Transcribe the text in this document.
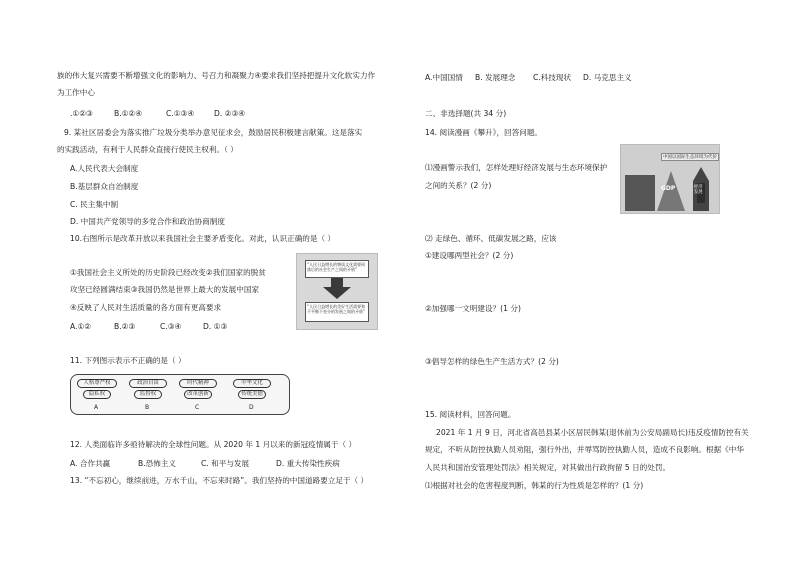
族的伟大复兴需要不断增强文化的影响力、号召力和凝聚力④要求我们坚持把提升文化软实力作
为工作中心
.①②③	B.①②④	C.①③④	D. ②③④
9. 某社区居委会为落实推广垃圾分类举办意见征求会，鼓励居民积极建言献策。这是落实
的实践活动，有利于人民群众直接行使民主权利。（ ）
A.人民代表大会制度
B.基层群众自治制度
C. 民主集中制
D. 中国共产党领导的多党合作和政治协商制度
10.右图所示是改革开放以来我国社会主要矛盾变化。对此，认识正确的是（ ）
①我国社会主义所处的历史阶段已经改变②我们国家的脱贫
攻坚已经圆满结束③我国仍然是世界上最大的发展中国家
④反映了人民对生活质量的各方面有更高要求
A.①②	B.②③	C.③④	D. ①③
“人民日益增长的物质文化需要同落后的社会生产之间的矛盾”
“人民日益增长的美好生活需要和不平衡不充分的发展之间的矛盾”
11. 下列图示表示不正确的是（ ）
人格尊严权
隐私权
A
政治自由
监督权
B
时代精神
改革创新
C
中华文化
传统美德
D
12. 人类面临许多亟待解决的全球性问题。从 2020 年 1 月以来的新冠疫情属于（ ）
A. 合作共赢	B.恐怖主义	C. 和平与发展	D. 重大传染性疾病
13. “不忘初心，继续前进，万水千山，不忘来时路”。我们坚持的中国道路要立足于（ ）
A.中国国情 B. 发展理念 C.科技现状 D. 马克思主义
二、非选择题(共 34 分)
14. 阅读漫画《攀升》，回答问题。
⑴漫画警示我们，怎样处理好经济发展与生态环境保护
之间的关系？(2 分)
中国以国际生态环境为代价
GDP	经济发展
⑵ 走绿色、循环、低碳发展之路，应该
①建设哪两型社会？(2 分)
②加强哪一文明建设？(1 分)
③倡导怎样的绿色生产生活方式？(2 分)
15. 阅读材料，回答问题。
2021 年 1 月 9 日，河北省高邑县某小区居民韩某(退休前为公安局副局长)违反疫情防控有关
规定，不听从防控执勤人员劝阻，强行外出，并辱骂防控执勤人员，造成不良影响。根据《中华
人民共和国治安管理处罚法》相关规定，对其做出行政拘留 5 日的处罚。
⑴根据对社会的危害程度判断，韩某的行为性质是怎样的？(1 分)
